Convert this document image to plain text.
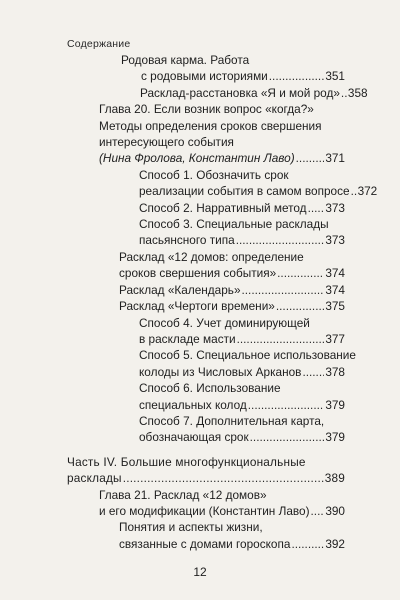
Содержание
Родовая карма. Работа
с родовыми историями .....	351
Расклад-расстановка «Я и мой род» ..... 358
Глава 20. Если возник вопрос «когда?»
Методы определения сроков свершения
интересующего события
(Нина Фролова, Константин Лаво) .....	371
Способ 1. Обозначить срок
реализации события в самом вопросе ..... 372
Способ 2. Нарративный метод ..... 373
Способ 3. Специальные расклады
пасьянсного типа .....	373
Расклад «12 домов: определение
сроков свершения события» .....	374
Расклад «Календарь» .....	374
Расклад «Чертоги времени» .....	375
Способ 4. Учет доминирующей
в раскладе масти .....	377
Способ 5. Специальное использование
колоды из Числовых Арканов ..... 378
Способ 6. Использование
специальных колод .....	379
Способ 7. Дополнительная карта,
обозначающая срок .....	379
Часть IV. Большие многофункциональные
расклады .....	389
Глава 21. Расклад «12 домов»
и его модификации (Константин Лаво) ..... 390
Понятия и аспекты жизни,
связанные с домами гороскопа .....	392
12
